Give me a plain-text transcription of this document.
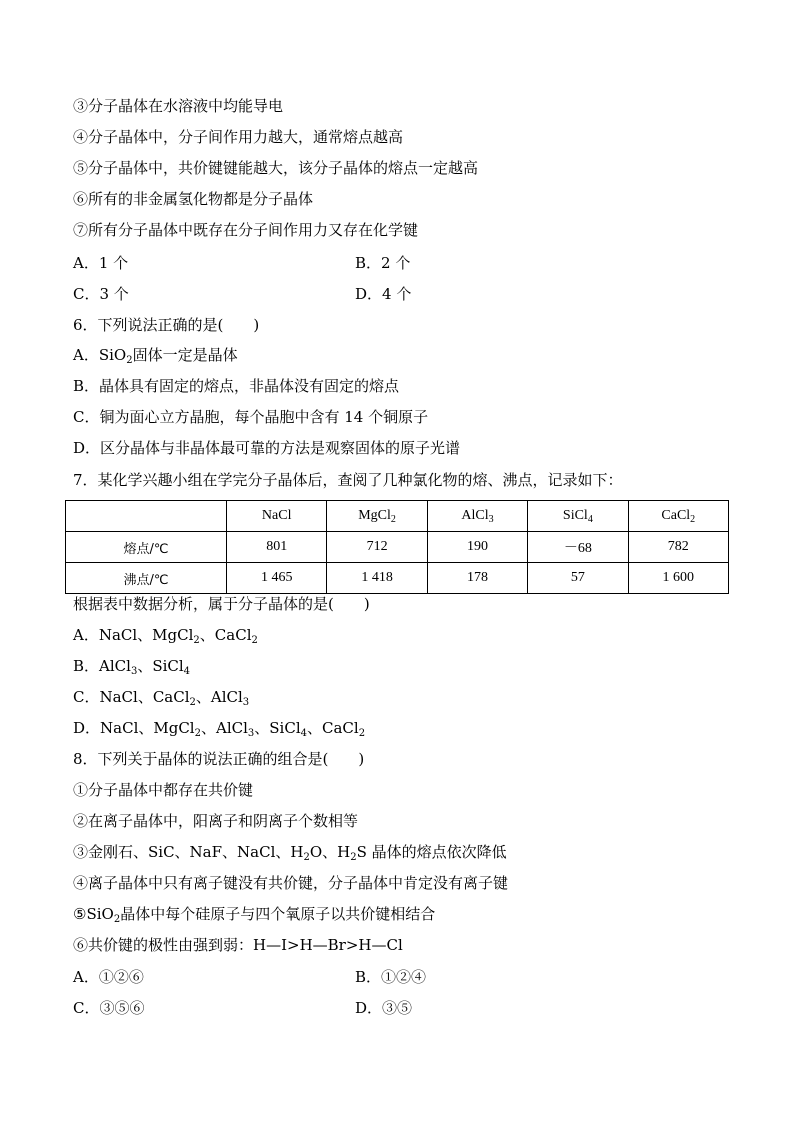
③分子晶体在水溶液中均能导电
④分子晶体中，分子间作用力越大，通常熔点越高
⑤分子晶体中，共价键键能越大，该分子晶体的熔点一定越高
⑥所有的非金属氢化物都是分子晶体
⑦所有分子晶体中既存在分子间作用力又存在化学键
A．1 个	B．2 个
C．3 个	D．4 个
6．下列说法正确的是(　　)
A．SiO$_2$固体一定是晶体
B．晶体具有固定的熔点，非晶体没有固定的熔点
C．铜为面心立方晶胞，每个晶胞中含有 14 个铜原子
D．区分晶体与非晶体最可靠的方法是观察固体的原子光谱
7．某化学兴趣小组在学完分子晶体后，查阅了几种氯化物的熔、沸点，记录如下：
	NaCl	MgCl$_2$	AlCl$_3$	SiCl$_4$	CaCl$_2$
熔点/℃	801	712	190	－68	782
沸点/℃	1 465	1 418	178	57	1 600
根据表中数据分析，属于分子晶体的是(　　)
A．NaCl、MgCl$_2$、CaCl$_2$
B．AlCl$_3$、SiCl$_4$
C．NaCl、CaCl$_2$、AlCl$_3$
D．NaCl、MgCl$_2$、AlCl$_3$、SiCl$_4$、CaCl$_2$
8．下列关于晶体的说法正确的组合是(　　)
①分子晶体中都存在共价键
②在离子晶体中，阳离子和阴离子个数相等
③金刚石、SiC、NaF、NaCl、$H_2O$、$H_2S$ 晶体的熔点依次降低
④离子晶体中只有离子键没有共价键，分子晶体中肯定没有离子键
⑤SiO$_2$晶体中每个硅原子与四个氧原子以共价键相结合
⑥共价键的极性由强到弱：H—I>H—Br>H—Cl
A．①②⑥	B．①②④
C．③⑤⑥	D．③⑤
